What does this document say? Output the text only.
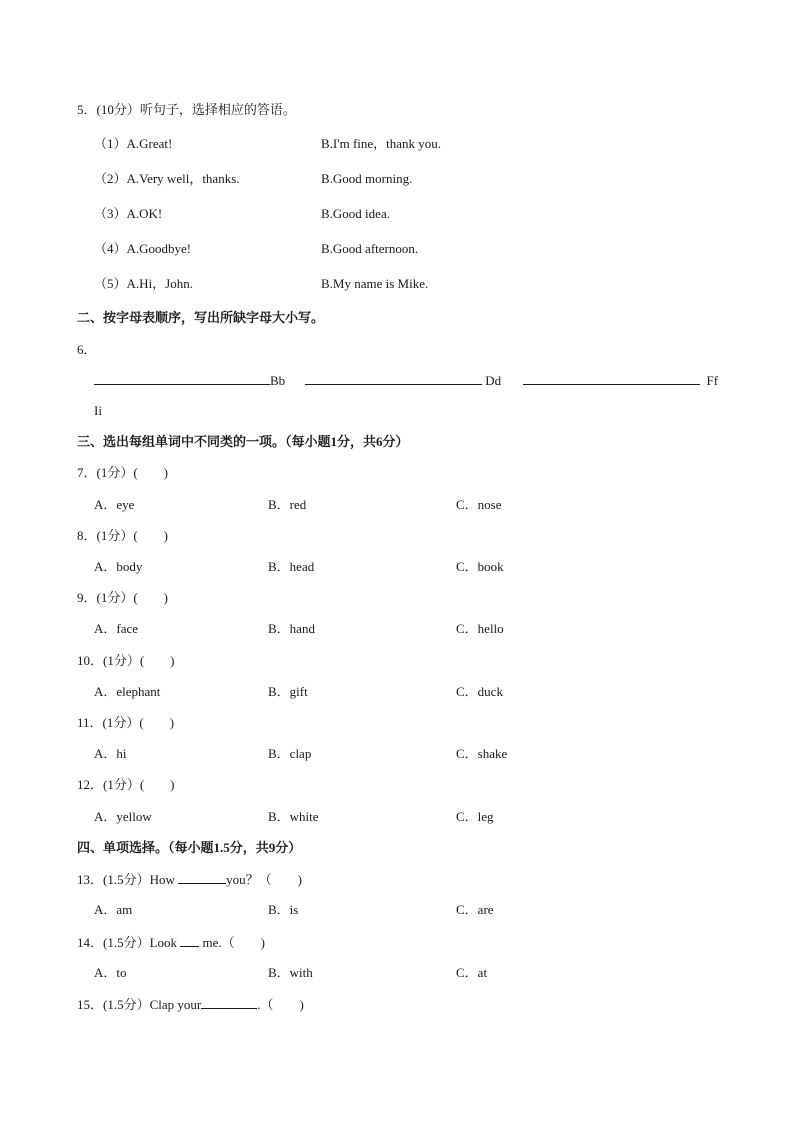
5．(10分）听句子，选择相应的答语。
（1）A.Great!	B.I'm fine，thank you.
（2）A.Very well，thanks.	B.Good morning.
（3）A.OK!	B.Good idea.
（4）A.Goodbye!	B.Good afternoon.
（5）A.Hi，John.	B.My name is Mike.
二、按字母表顺序，写出所缺字母大小写。
6．
Bb	Dd	Ff
Ii
三、选出每组单词中不同类的一项。（每小题1分，共6分）
7．(1分）( )
A．eye	B．red	C．nose
8．(1分）( )
A．body	B．head	C．book
9．(1分）( )
A．face	B．hand	C．hello
10．(1分）( )
A．elephant	B．gift	C．duck
11．(1分）( )
A．hi	B．clap	C．shake
12．(1分）( )
A．yellow	B．white	C．leg
四、单项选择。（每小题1.5分，共9分）
13．(1.5分）How	you？（ )
A．am	B．is	C．are
14．(1.5分）Look me.（ )
A．to	B．with	C．at
15．(1.5分）Clap your	.（ )
